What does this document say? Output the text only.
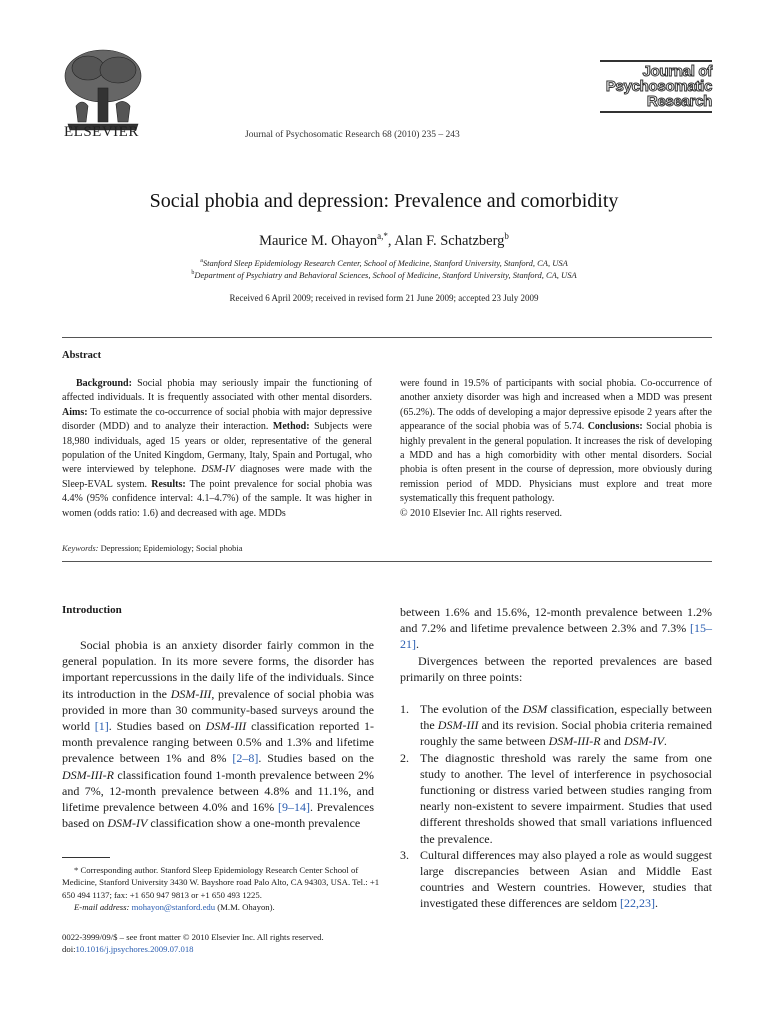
ELSEVIER	Journal of Psychosomatic Research 68 (2010) 235 – 243
Journal of
Psychosomatic
Research
Social phobia and depression: Prevalence and comorbidity
Maurice M. Ohayon$^{a,*}$, Alan F. Schatzberg$^b$
$^a$Stanford Sleep Epidemiology Research Center, School of Medicine, Stanford University, Stanford, CA, USA
$^b$Department of Psychiatry and Behavioral Sciences, School of Medicine, Stanford University, Stanford, CA, USA
Received 6 April 2009; received in revised form 21 June 2009; accepted 23 July 2009
Abstract

Background: Social phobia may seriously impair the functioning of affected individuals. It is frequently associated with other mental disorders. Aims: To estimate the co-occurrence of social phobia with major depressive disorder (MDD) and to analyze their interaction. Method: Subjects were 18,980 individuals, aged 15 years or older, representative of the general population of the United Kingdom, Germany, Italy, Spain and Portugal, who were interviewed by telephone. DSM-IV diagnoses were made with the Sleep-EVAL system. Results: The point prevalence for social phobia was 4.4% (95% confidence interval: 4.1–4.7%) of the sample. It was higher in women (odds ratio: 1.6) and decreased with age. MDDs

were found in 19.5% of participants with social phobia. Co-occurrence of another anxiety disorder was high and increased when a MDD was present (65.2%). The odds of developing a major depressive episode 2 years after the appearance of the social phobia was of 5.74. Conclusions: Social phobia is highly prevalent in the general population. It increases the risk of developing a MDD and has a high comorbidity with other mental disorders. Social phobia is often present in the course of depression, more obviously during remission period of MDD. Physicians must explore and treat more systematically this frequent pathology.

© 2010 Elsevier Inc. All rights reserved.

Keywords: Depression; Epidemiology; Social phobia
Introduction

Social phobia is an anxiety disorder fairly common in the general population. In its more severe forms, the disorder has important repercussions in the daily life of the individuals. Since its introduction in the DSM-III, prevalence of social phobia was provided in more than 30 community-based surveys around the world [1]. Studies based on DSM-III classification reported 1-month prevalence ranging between 0.5% and 1.3% and lifetime prevalence between 1% and 8% [2–8]. Studies based on the DSM-III-R classification found 1-month prevalence between 2% and 7%, 12-month prevalence between 4.8% and 11.1%, and lifetime prevalence between 4.0% and 16% [9–14]. Prevalences based on DSM-IV classification show a one-month prevalence

between 1.6% and 15.6%, 12-month prevalence between 1.2% and 7.2% and lifetime prevalence between 2.3% and 7.3% [15–21].

Divergences between the reported prevalences are based primarily on three points:

1. The evolution of the DSM classification, especially between the DSM-III and its revision. Social phobia criteria remained roughly the same between DSM-III-R and DSM-IV.
2. The diagnostic threshold was rarely the same from one study to another. The level of interference in psychosocial functioning or distress varied between studies ranging from nearly non-existent to severe impairment. Studies that used different thresholds showed that small variations influenced the prevalence.
3. Cultural differences may also played a role as would suggest large discrepancies between Asian and Middle East countries and Western countries. However, studies that investigated these differences are seldom [22,23].

* Corresponding author. Stanford Sleep Epidemiology Research Center School of Medicine, Stanford University 3430 W. Bayshore road Palo Alto, CA 94303, USA. Tel.: +1 650 494 1137; fax: +1 650 947 9813 or +1 650 493 1225.

E-mail address: mohayon@stanford.edu (M.M. Ohayon).

0022-3999/09/$ – see front matter © 2010 Elsevier Inc. All rights reserved.
doi:10.1016/j.jpsychores.2009.07.018
